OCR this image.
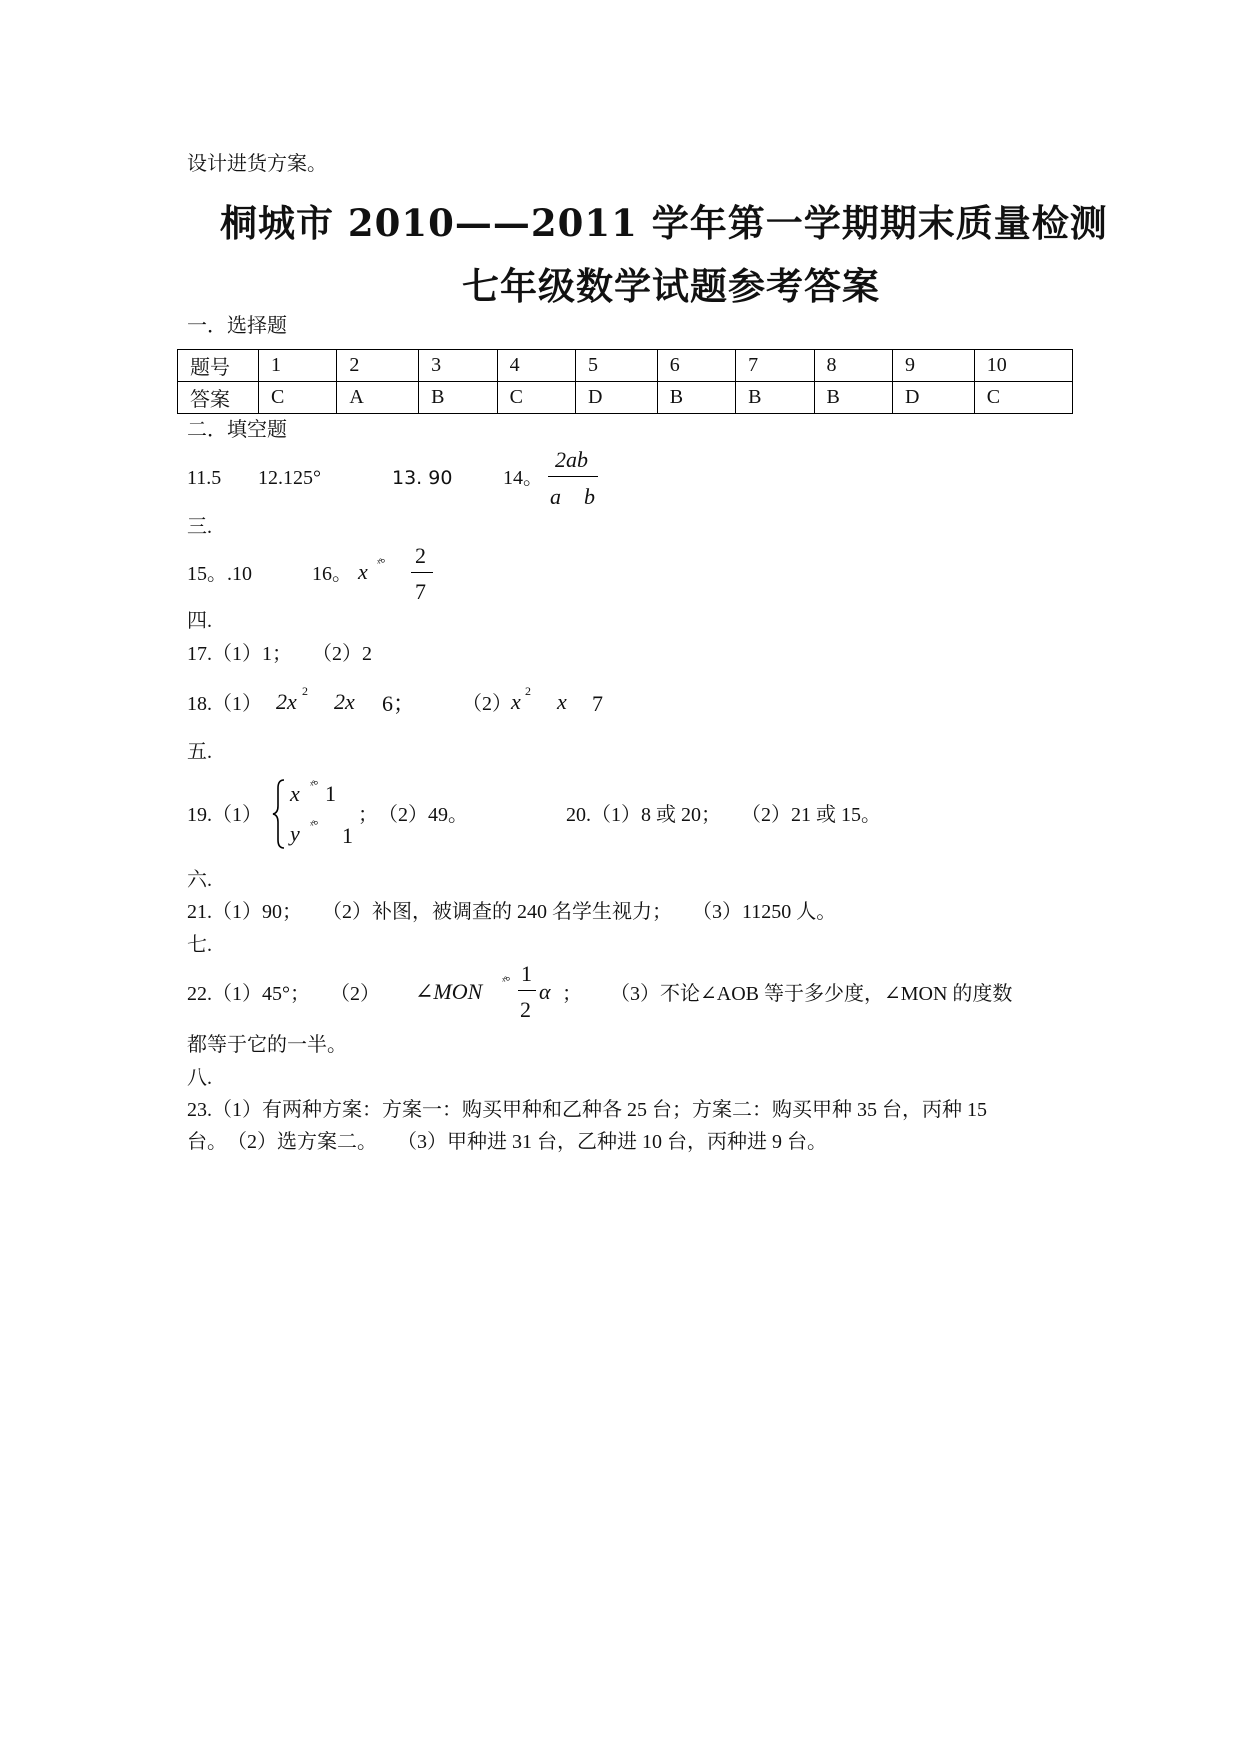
设计进货方案。
桐城市 2010——2011 学年第一学期期末质量检测
七年级数学试题参考答案
一．选择题
题号	1	2	3	4	5	6	7	8	9	10
答案	C	A	B	C	D	B	B	B	D	C
二．填空题
11.5 12.125°	13. 90	14。
2ab
a b
三.
15。.10	16。 x ˣ̊° 2
7
四.
17.（1）1；　　（2）2
18.（1） 2x 2 2x 6； （2） x 2 x 7
五.
19.（1）
x ˣ̊° 1
y ˣ̊° 1
；　（2）49。	20.（1）8 或 20；　　（2）21 或 15。
六.
21.（1）90；　　（2）补图，被调查的 240 名学生视力；　　（3）11250 人。
七.
22.（1）45°；　　（2） ∠MON ˣ̊° 1
2
α ； （3）不论∠AOB 等于多少度，∠MON 的度数
都等于它的一半。
八.
23.（1）有两种方案：方案一：购买甲种和乙种各 25 台；方案二：购买甲种 35 台，丙种 15
台。　（2）选方案二。　　（3）甲种进 31 台，乙种进 10 台，丙种进 9 台。
